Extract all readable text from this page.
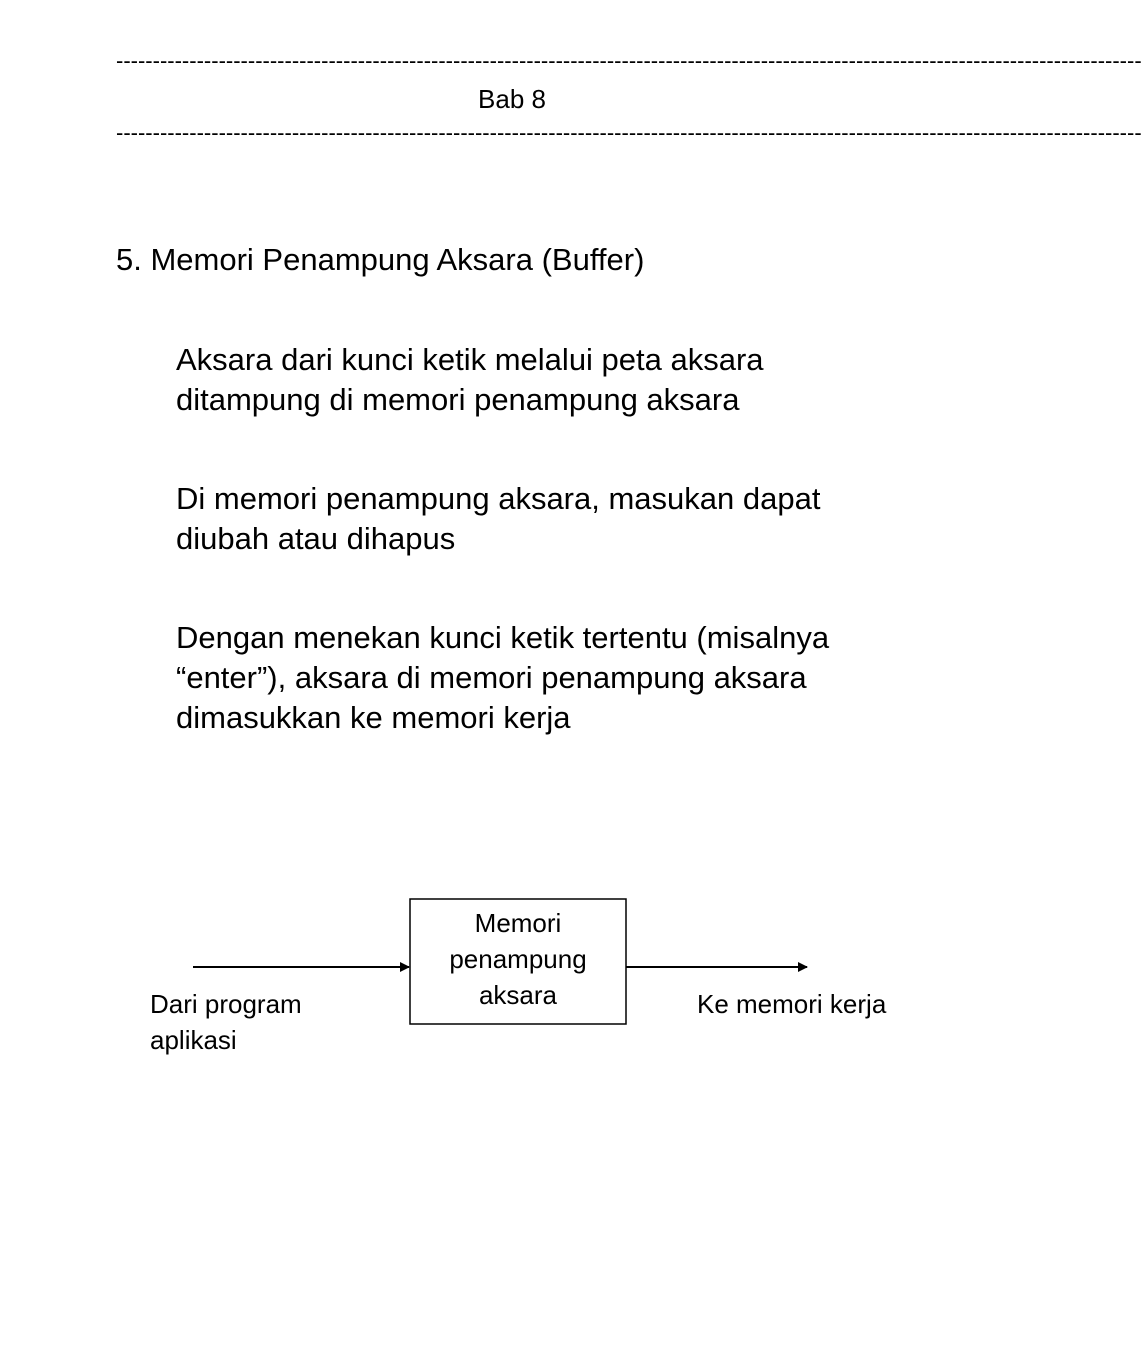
--------------------------------------------------------------------------------------------------------------------------------------------
Bab 8
--------------------------------------------------------------------------------------------------------------------------------------------
5. Memori Penampung Aksara (Buffer)
Aksara dari kunci ketik melalui peta aksara
ditampung di memori penampung aksara
Di memori penampung aksara, masukan dapat
diubah atau dihapus
Dengan menekan kunci ketik tertentu (misalnya
“enter”), aksara di memori penampung aksara
dimasukkan ke memori kerja
Memori
penampung
aksara
Dari program
aplikasi
Ke memori kerja
